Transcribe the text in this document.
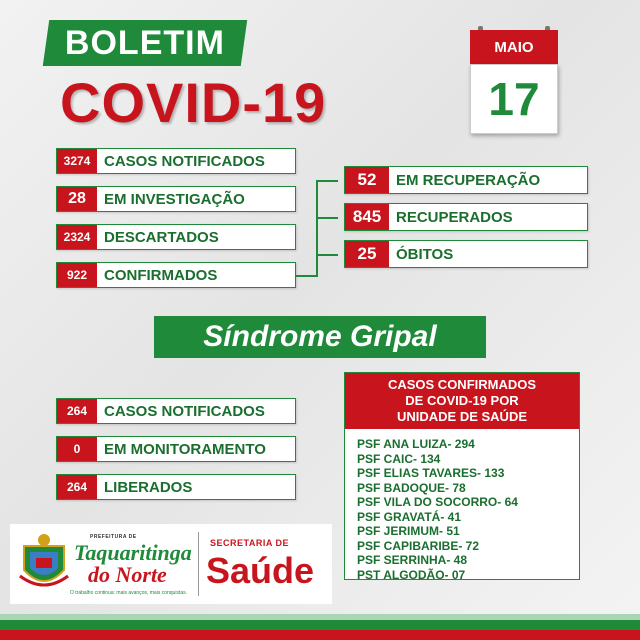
BOLETIM
COVID-19
MAIO
17
3274 CASOS NOTIFICADOS
28	EM INVESTIGAÇÃO
2324 DESCARTADOS
922	CONFIRMADOS
52	EM RECUPERAÇÃO
845 RECUPERADOS
25	ÓBITOS
Síndrome Gripal
264	CASOS NOTIFICADOS
0	EM MONITORAMENTO
264	LIBERADOS
CASOS CONFIRMADOS
DE COVID-19 POR
UNIDADE DE SAÚDE
PSF ANA LUIZA- 294
PSF CAIC- 134
PSF ELIAS TAVARES- 133
PSF BADOQUE- 78
PSF VILA DO SOCORRO- 64
PSF GRAVATÁ- 41
PSF JERIMUM- 51
PSF CAPIBARIBE- 72
PSF SERRINHA- 48
PST ALGODÃO- 07
PREFEITURA DE
Taquaritinga
do Norte
O trabalho continua: mais avanços, mais conquistas.
SECRETARIA DE
Saúde
